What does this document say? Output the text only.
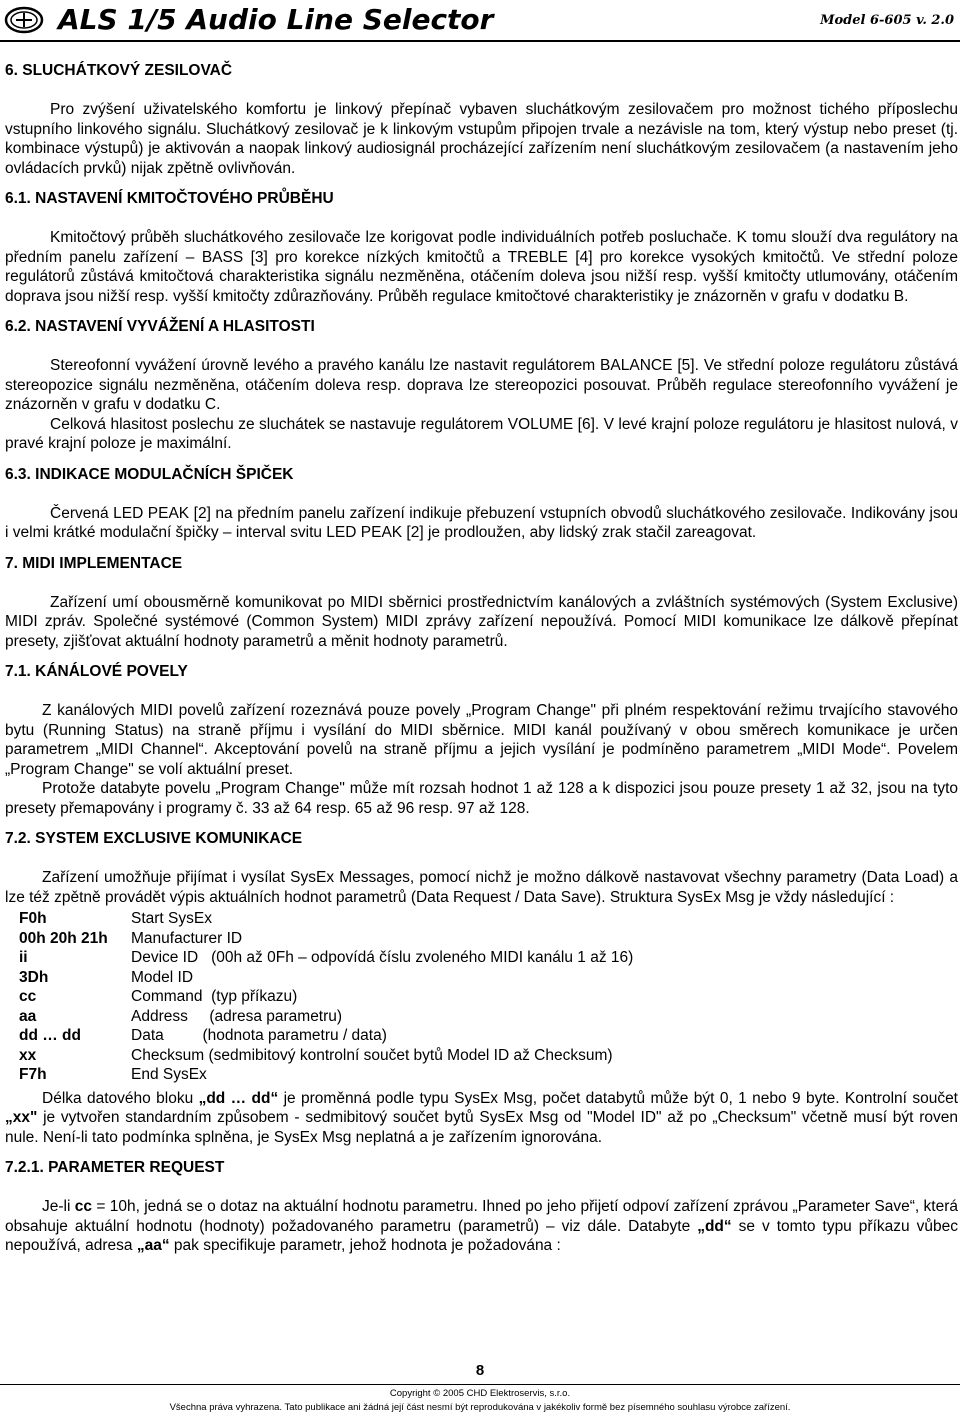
ALS 1/5 Audio Line Selector	Model 6-605 v. 2.0
6. SLUCHÁTKOVÝ ZESILOVAČ

Pro zvýšení uživatelského komfortu je linkový přepínač vybaven sluchátkovým zesilovačem pro možnost tichého příposlechu vstupního linkového signálu. Sluchátkový zesilovač je k linkovým vstupům připojen trvale a nezávisle na tom, který výstup nebo preset (tj. kombinace výstupů) je aktivován a naopak linkový audiosignál procházející zařízením není sluchátkovým zesilovačem (a nastavením jeho ovládacích prvků) nijak zpětně ovlivňován.

6.1. NASTAVENÍ KMITOČTOVÉHO PRŮBĚHU

Kmitočtový průběh sluchátkového zesilovače lze korigovat podle individuálních potřeb posluchače. K tomu slouží dva regulátory na předním panelu zařízení – BASS [3] pro korekce nízkých kmitočtů a TREBLE [4] pro korekce vysokých kmitočtů. Ve střední poloze regulátorů zůstává kmitočtová charakteristika signálu nezměněna, otáčením doleva jsou nižší resp. vyšší kmitočty utlumovány, otáčením doprava jsou nižší resp. vyšší kmitočty zdůrazňovány. Průběh regulace kmitočtové charakteristiky je znázorněn v grafu v dodatku B.

6.2. NASTAVENÍ VYVÁŽENÍ A HLASITOSTI

Stereofonní vyvážení úrovně levého a pravého kanálu lze nastavit regulátorem BALANCE [5]. Ve střední poloze regulátoru zůstává stereopozice signálu nezměněna, otáčením doleva resp. doprava lze stereopozici posouvat. Průběh regulace stereofonního vyvážení je znázorněn v grafu v dodatku C.

Celková hlasitost poslechu ze sluchátek se nastavuje regulátorem VOLUME [6]. V levé krajní poloze regulátoru je hlasitost nulová, v pravé krajní poloze je maximální.

6.3. INDIKACE MODULAČNÍCH ŠPIČEK

Červená LED PEAK [2] na předním panelu zařízení indikuje přebuzení vstupních obvodů sluchátkového zesilovače. Indikovány jsou i velmi krátké modulační špičky – interval svitu LED PEAK [2] je prodloužen, aby lidský zrak stačil zareagovat.

7. MIDI IMPLEMENTACE

Zařízení umí obousměrně komunikovat po MIDI sběrnici prostřednictvím kanálových a zvláštních systémových (System Exclusive) MIDI zpráv. Společné systémové (Common System) MIDI zprávy zařízení nepoužívá. Pomocí MIDI komunikace lze dálkově přepínat presety, zjišťovat aktuální hodnoty parametrů a měnit hodnoty parametrů.

7.1. KÁNÁLOVÉ POVELY

Z kanálových MIDI povelů zařízení rozeznává pouze povely „Program Change" při plném respektování režimu trvajícího stavového bytu (Running Status) na straně příjmu i vysílání do MIDI sběrnice. MIDI kanál používaný v obou směrech komunikace je určen parametrem „MIDI Channel“. Akceptování povelů na straně příjmu a jejich vysílání je podmíněno parametrem „MIDI Mode“. Povelem „Program Change" se volí aktuální preset.

Protože databyte povelu „Program Change" může mít rozsah hodnot 1 až 128 a k dispozici jsou pouze presety 1 až 32, jsou na tyto presety přemapovány i programy č. 33 až 64 resp. 65 až 96 resp. 97 až 128.

7.2. SYSTEM EXCLUSIVE KOMUNIKACE

Zařízení umožňuje přijímat i vysílat SysEx Messages, pomocí nichž je možno dálkově nastavovat všechny parametry (Data Load) a lze též zpětně provádět výpis aktuálních hodnot parametrů (Data Request / Data Save). Struktura SysEx Msg je vždy následující :

F0h	Start SysEx
00h 20h 21h	Manufacturer ID
ii	Device ID   (00h až 0Fh – odpovídá číslu zvoleného MIDI kanálu 1 až 16)
3Dh	Model ID
cc	Command  (typ příkazu)
aa	Address     (adresa parametru)
dd … dd	Data         (hodnota parametru / data)
xx	Checksum (sedmibitový kontrolní součet bytů Model ID až Checksum)
F7h	End SysEx

Délka datového bloku „dd … dd“ je proměnná podle typu SysEx Msg, počet databytů může být 0, 1 nebo 9 byte. Kontrolní součet „xx" je vytvořen standardním způsobem - sedmibitový součet bytů SysEx Msg od "Model ID" až po „Checksum" včetně musí být roven nule. Není-li tato podmínka splněna, je SysEx Msg neplatná a je zařízením ignorována.

7.2.1. PARAMETER REQUEST

Je-li cc = 10h, jedná se o dotaz na aktuální hodnotu parametru. Ihned po jeho přijetí odpoví zařízení zprávou „Parameter Save“, která obsahuje aktuální hodnotu (hodnoty) požadovaného parametru (parametrů) – viz dále. Databyte „dd“ se v tomto typu příkazu vůbec nepoužívá, adresa „aa“ pak specifikuje parametr, jehož hodnota je požadována :

8
Copyright © 2005 CHD Elektroservis, s.r.o.
Všechna práva vyhrazena. Tato publikace ani žádná její část nesmí být reprodukována v jakékoliv formě bez písemného souhlasu výrobce zařízení.
